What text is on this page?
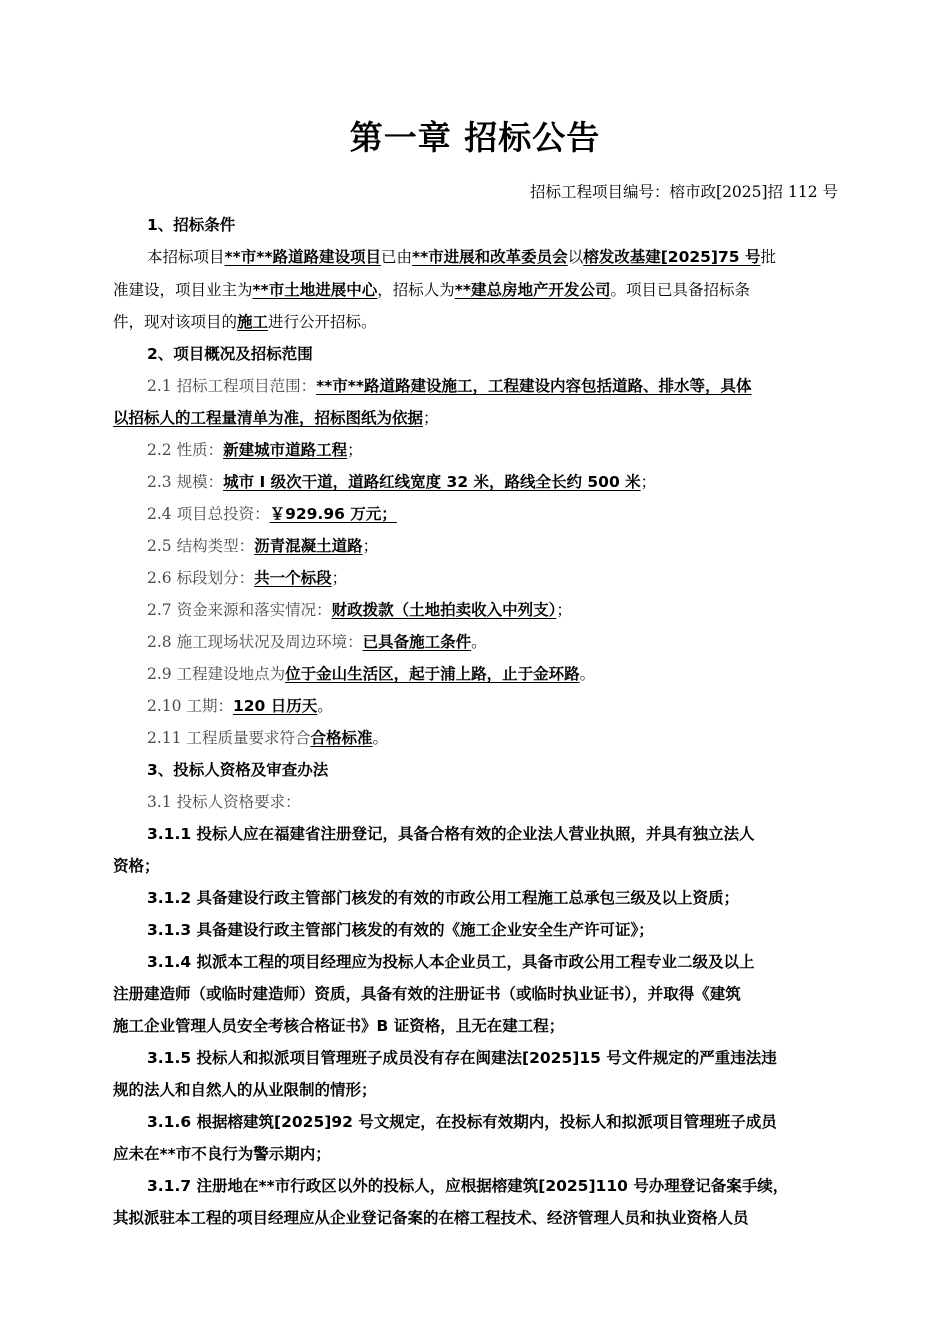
第一章 招标公告
招标工程项目编号：榕市政[2025]招 112 号
1、招标条件
本招标项目**市**路道路建设项目已由**市进展和改革委员会以榕发改基建[2025]75 号批
准建设，项目业主为**市土地进展中心，招标人为**建总房地产开发公司。项目已具备招标条
件，现对该项目的施工进行公开招标。
2、项目概况及招标范围
2.1 招标工程项目范围：**市**路道路建设施工，工程建设内容包括道路、排水等，具体
以招标人的工程量清单为准，招标图纸为依据；
2.2 性质：新建城市道路工程；
2.3 规模：城市 I 级次干道，道路红线宽度 32 米，路线全长约 500 米；
2.4 项目总投资：￥929.96 万元；
2.5 结构类型：沥青混凝土道路；
2.6 标段划分：共一个标段；
2.7 资金来源和落实情况：财政拨款（土地拍卖收入中列支）；
2.8 施工现场状况及周边环境：已具备施工条件。
2.9 工程建设地点为位于金山生活区，起于浦上路，止于金环路。
2.10 工期：120 日历天。
2.11 工程质量要求符合合格标准。
3、投标人资格及审查办法
3.1 投标人资格要求：
3.1.1 投标人应在福建省注册登记，具备合格有效的企业法人营业执照，并具有独立法人
资格；
3.1.2 具备建设行政主管部门核发的有效的市政公用工程施工总承包三级及以上资质；
3.1.3 具备建设行政主管部门核发的有效的《施工企业安全生产许可证》；
3.1.4 拟派本工程的项目经理应为投标人本企业员工，具备市政公用工程专业二级及以上
注册建造师（或临时建造师）资质，具备有效的注册证书（或临时执业证书），并取得《建筑
施工企业管理人员安全考核合格证书》B 证资格，且无在建工程；
3.1.5 投标人和拟派项目管理班子成员没有存在闽建法[2025]15 号文件规定的严重违法违
规的法人和自然人的从业限制的情形；
3.1.6 根据榕建筑[2025]92 号文规定，在投标有效期内，投标人和拟派项目管理班子成员
应未在**市不良行为警示期内；
3.1.7 注册地在**市行政区以外的投标人，应根据榕建筑[2025]110 号办理登记备案手续，
其拟派驻本工程的项目经理应从企业登记备案的在榕工程技术、经济管理人员和执业资格人员
